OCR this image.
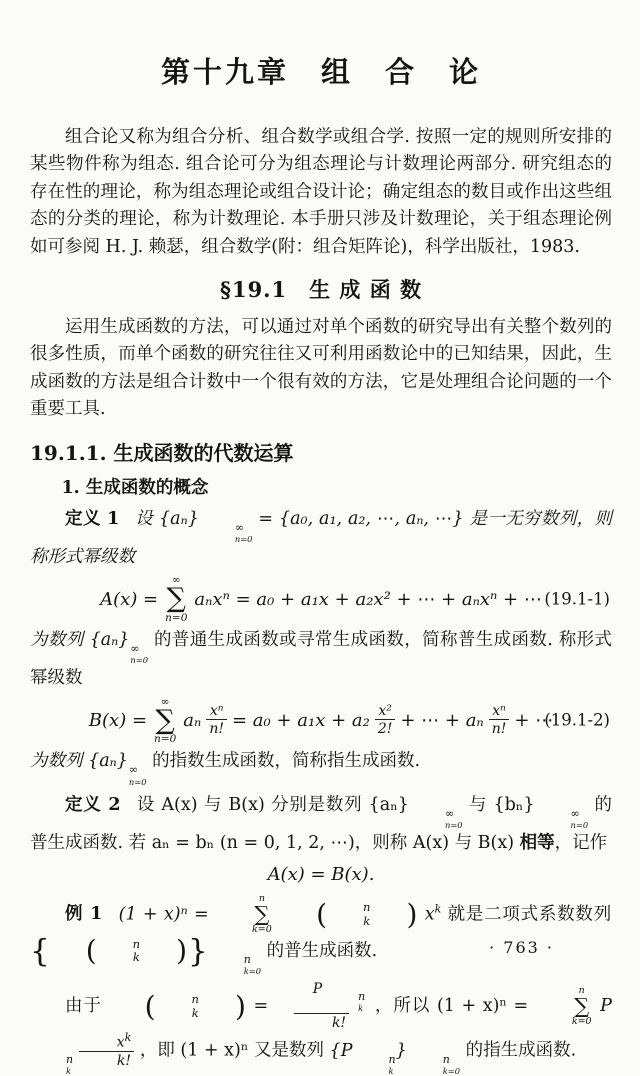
第十九章　组　合　论

组合论又称为组合分析、组合数学或组合学. 按照一定的规则所安排的某些物件称为组态. 组合论可分为组态理论与计数理论两部分. 研究组态的存在性的理论，称为组态理论或组合设计论；确定组态的数目或作出这些组态的分类的理论，称为计数理论. 本手册只涉及计数理论，关于组态理论例如可参阅 H. J. 赖瑟，组合数学(附：组合矩阵论)，科学出版社，1983.

§19.1　生 成 函 数

运用生成函数的方法，可以通过对单个函数的研究导出有关整个数列的很多性质，而单个函数的研究往往又可利用函数论中的已知结果，因此，生成函数的方法是组合计数中一个很有效的方法，它是处理组合论问题的一个重要工具.

19.1.1. 生成函数的代数运算

1. 生成函数的概念

定义 1 设 {aₙ}	∞
n=0
= {a₀, a₁, a₂, ⋯, aₙ, ⋯} 是一无穷数列，则称形式幂级数

A(x) =
∞
∑
n=0
aₙxⁿ = a₀ + a₁x + a₂x² + ⋯ + aₙxⁿ + ⋯ (19.1-1)

为数列 {aₙ} ∞
n=0
的普通生成函数或寻常生成函数，简称普生成函数. 称形式幂级数

B(x) =
∞
∑
n=0
aₙ $\frac{\text{xⁿ}}{n!} = a_0 + a_1x + a_2 \frac{\text{x²}}{2!}$ + ⋯ + aₙ $\frac{\text{xⁿ}}{n!}$ + ⋯
(19.1-2)

为数列 {aₙ} ∞
n=0
的指数生成函数，简称指生成函数.

定义 2 设 A(x) 与 B(x) 分别是数列 {aₙ}	∞
n=0
与 {bₙ}	∞
n=0
的普生成函数. 若 aₙ = bₙ (n = 0, 1, 2, ⋯)，则称 A(x) 与 B(x) 相等，记作

A(x) = B(x).

例 1 (1 + x)ⁿ =
n
∑
k=0
	(	n
k	) $x^k$ 就是二项式系数数列 {	(	n
k	) }	n
k=0
的普生成函数.

由于	(	n
k	) = P	n
k
k! ，所以 (1 + x)ⁿ =
n
∑
k=0
P
n
k

$\frac{x^k}{k!}$ ，即 (1 + x)ⁿ 又是数列 {P	n
k
}	n
k=0
的指生成函数.

· 763 ·
